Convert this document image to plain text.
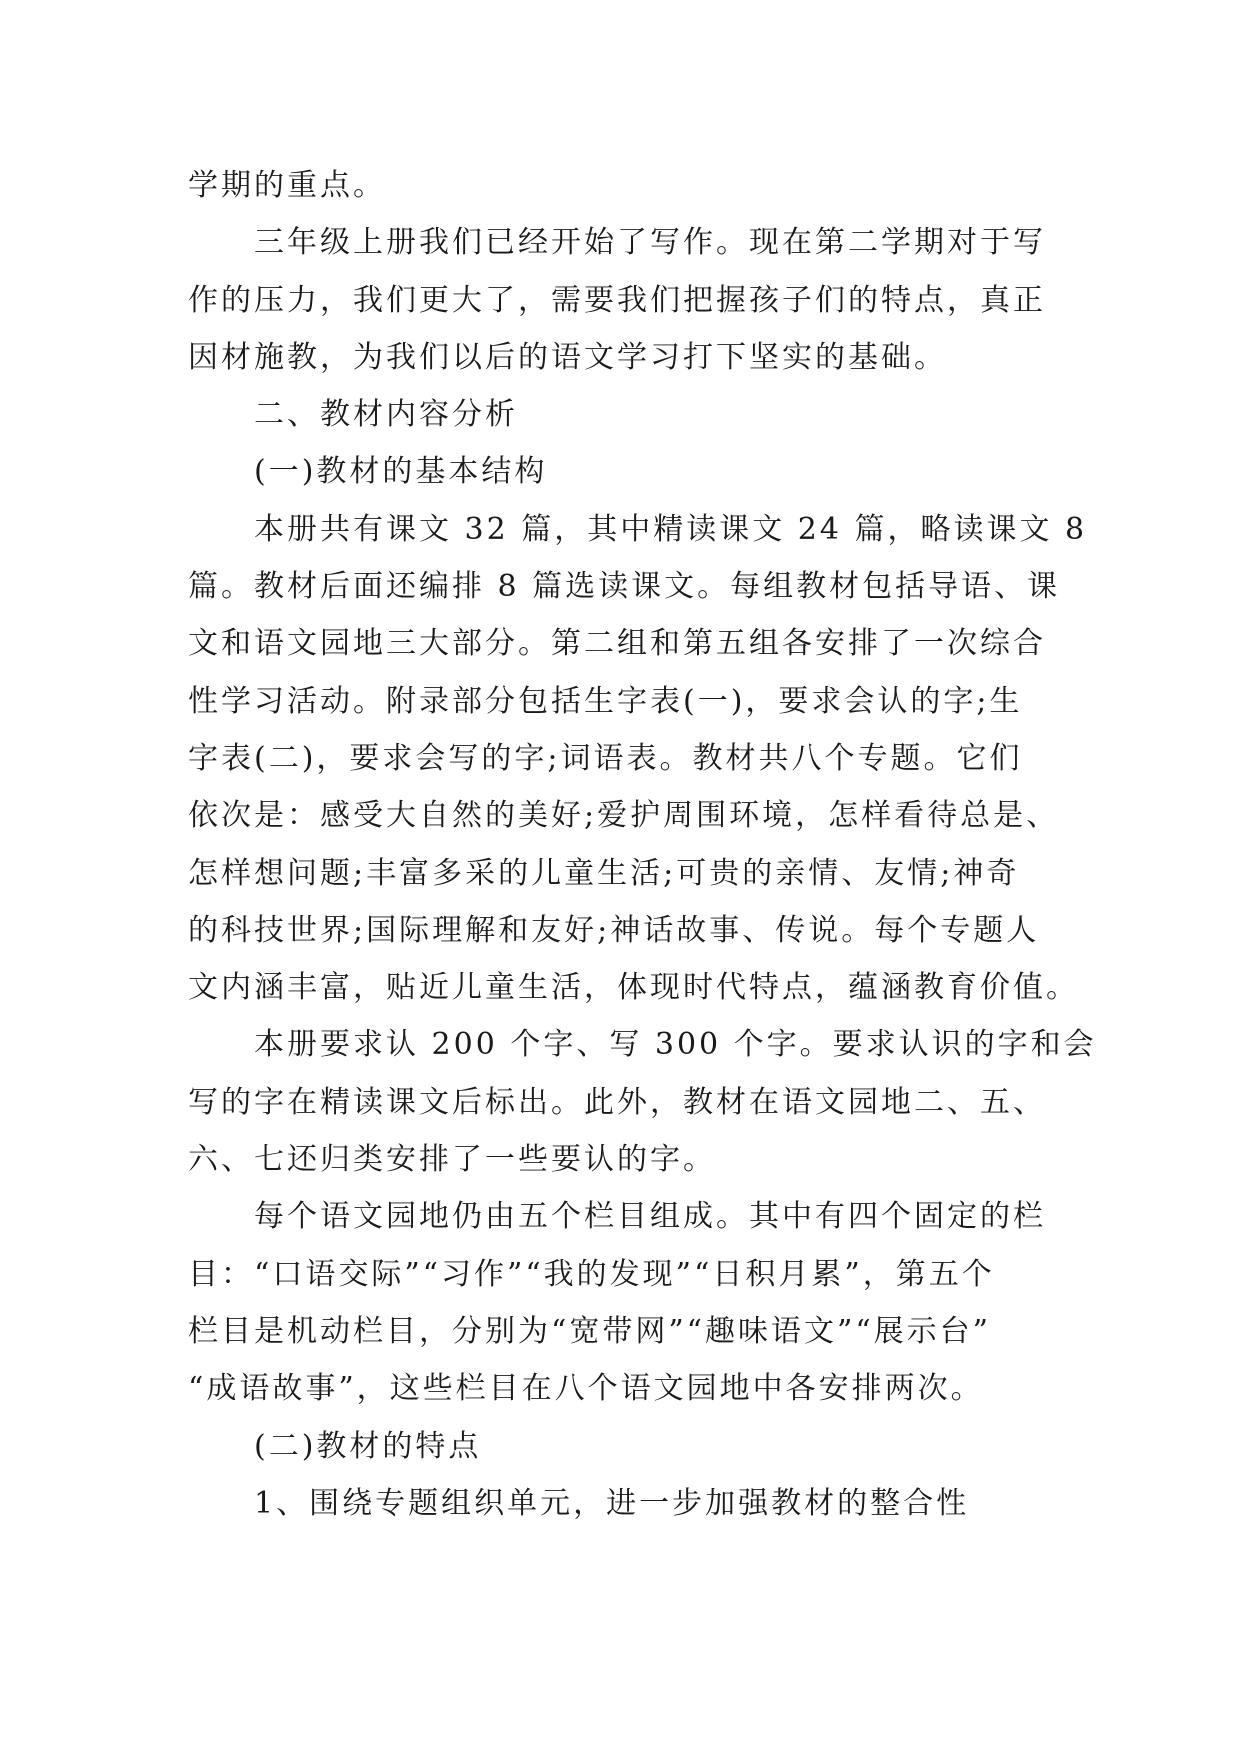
学期的重点。
三年级上册我们已经开始了写作。现在第二学期对于写
作的压力，我们更大了，需要我们把握孩子们的特点，真正
因材施教，为我们以后的语文学习打下坚实的基础。
二、教材内容分析
(一)教材的基本结构
本册共有课文 32 篇，其中精读课文 24 篇，略读课文 8
篇。教材后面还编排 8 篇选读课文。每组教材包括导语、课
文和语文园地三大部分。第二组和第五组各安排了一次综合
性学习活动。附录部分包括生字表(一)，要求会认的字;生
字表(二)，要求会写的字;词语表。教材共八个专题。它们
依次是：感受大自然的美好;爱护周围环境，怎样看待总是、
怎样想问题;丰富多采的儿童生活;可贵的亲情、友情;神奇
的科技世界;国际理解和友好;神话故事、传说。每个专题人
文内涵丰富，贴近儿童生活，体现时代特点，蕴涵教育价值。
本册要求认 200 个字、写 300 个字。要求认识的字和会
写的字在精读课文后标出。此外，教材在语文园地二、五、
六、七还归类安排了一些要认的字。
每个语文园地仍由五个栏目组成。其中有四个固定的栏
目：“口语交际”“习作”“我的发现”“日积月累”，第五个
栏目是机动栏目，分别为“宽带网”“趣味语文”“展示台”
“成语故事”，这些栏目在八个语文园地中各安排两次。
(二)教材的特点
1、围绕专题组织单元，进一步加强教材的整合性
